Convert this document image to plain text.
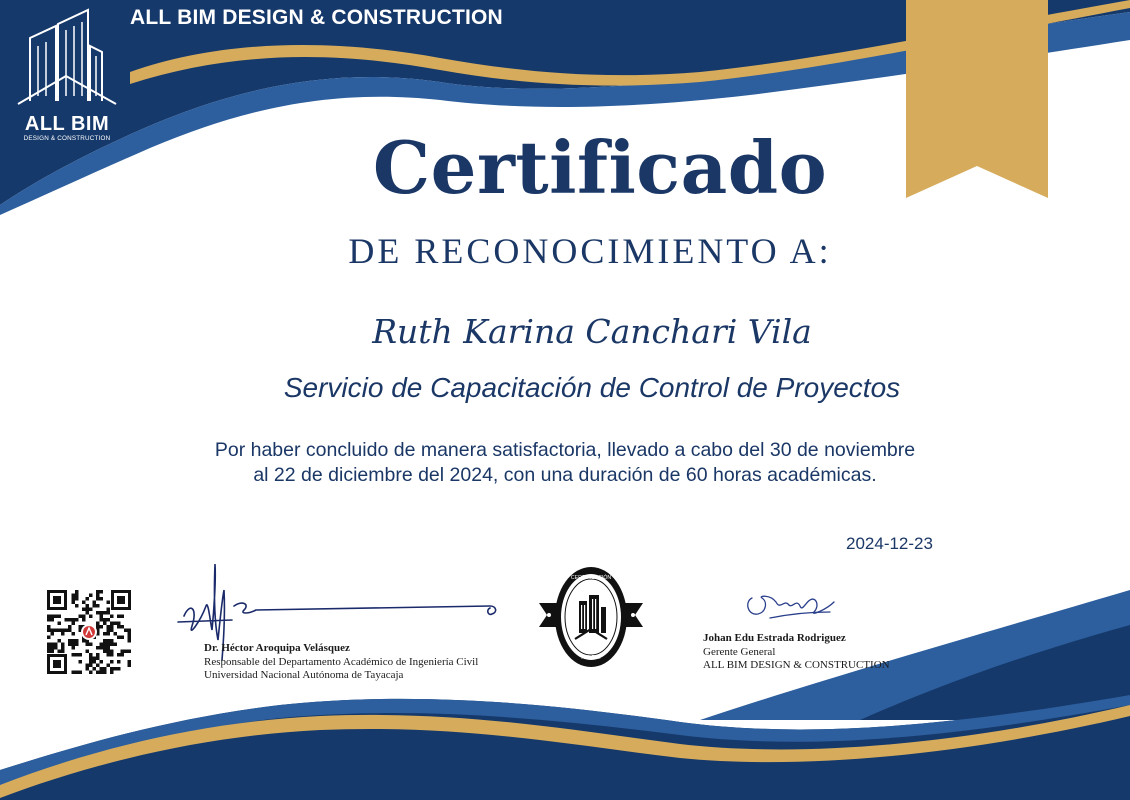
ALL BIM DESIGN & CONSTRUCTION
ALL BIM
DESIGN & CONSTRUCTION	Certificado
DE RECONOCIMIENTO A:
Ruth Karina Canchari Vila
Servicio de Capacitación de Control de Proyectos
Por haber concluido de manera satisfactoria, llevado a cabo del 30 de noviembre
al 22 de diciembre del 2024, con una duración de 60 horas académicas.
2024-12-23
Dr. Héctor Aroquipa Velásquez
Responsable del Departamento Académico de Ingeniería Civil
Universidad Nacional Autónoma de Tayacaja
CERTIFICACIÓN
ALL BIM
Johan Edu Estrada Rodriguez
Gerente General
ALL BIM DESIGN & CONSTRUCTION
